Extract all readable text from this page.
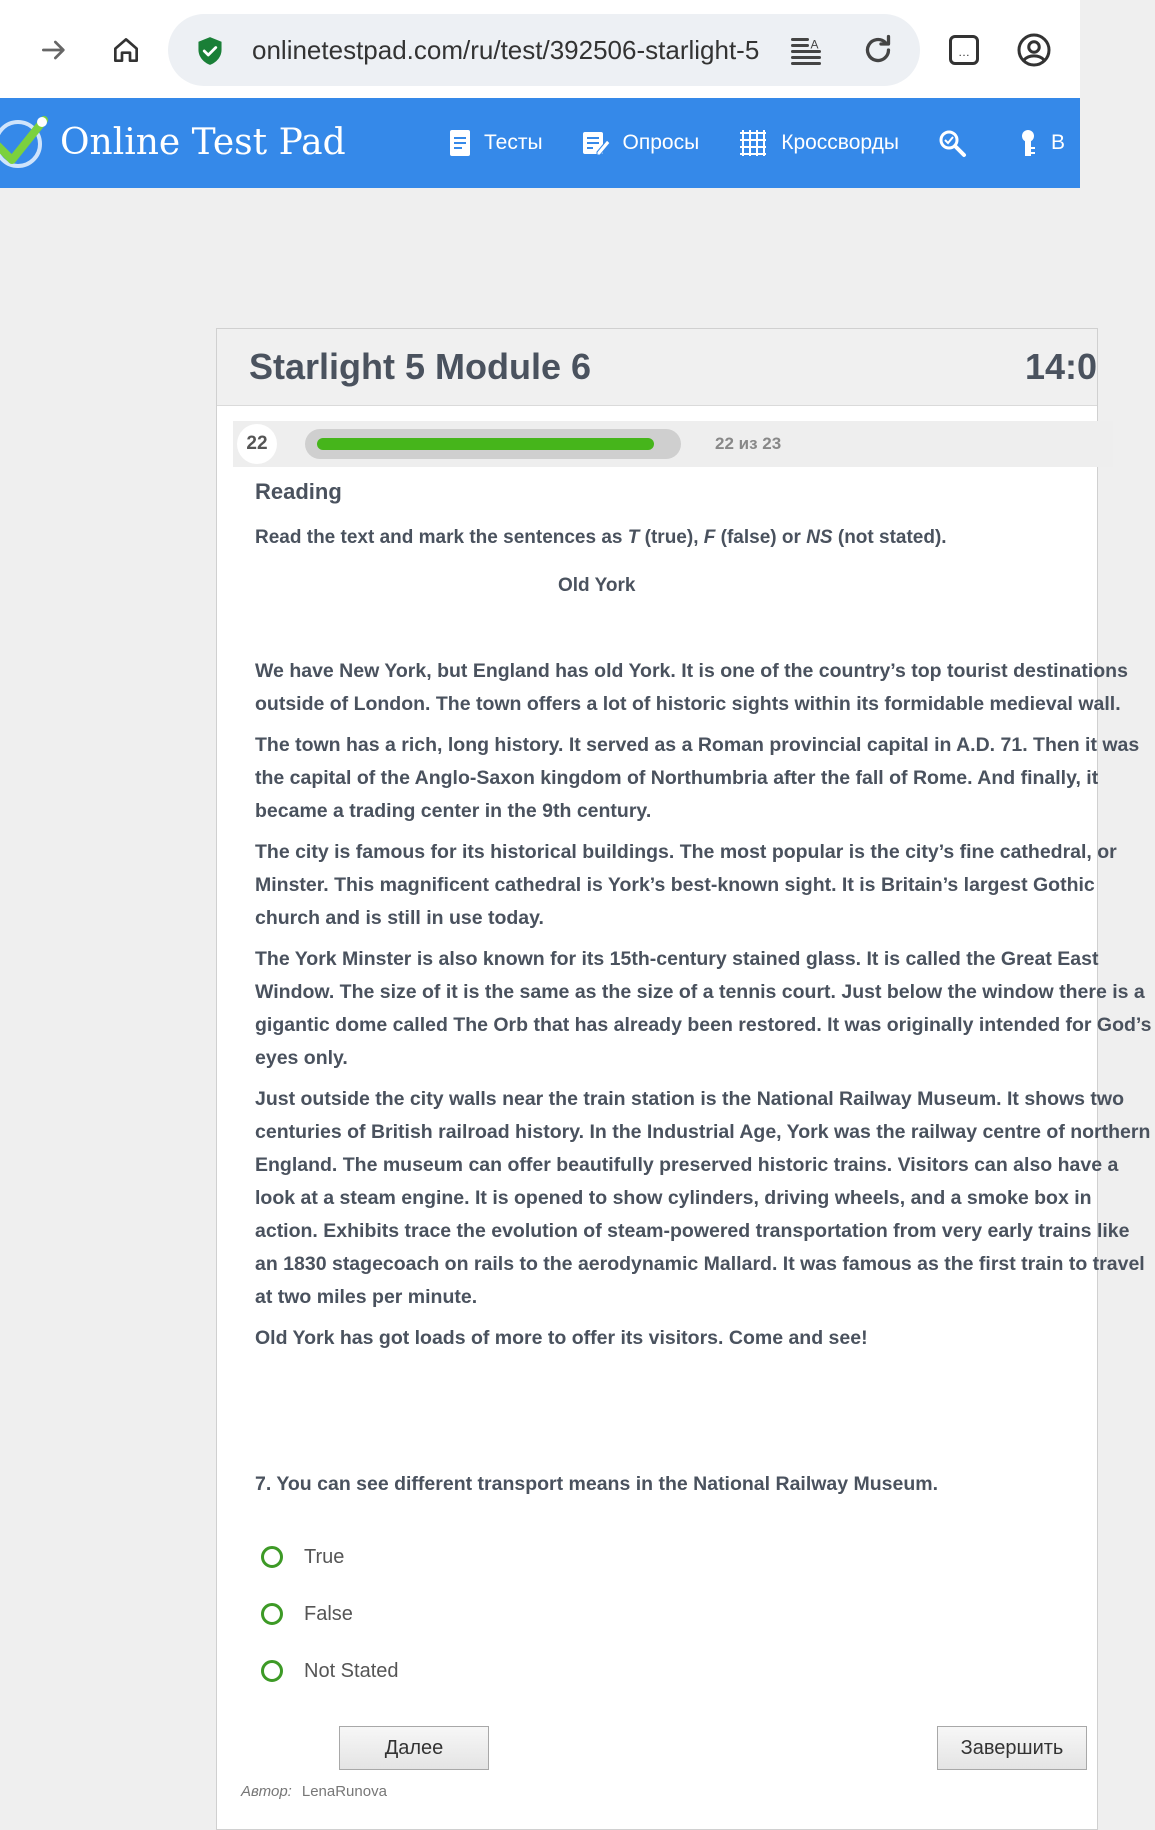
onlinetestpad.com/ru/test/392506-starlight-5	A
…
Online Test Pad	Тесты	Опросы	Кроссворды	В
Starlight 5 Module 6	14:0
22	22 из 23
Reading
Read the text and mark the sentences as T (true), F (false) or NS (not stated).
Old York

We have New York, but England has old York. It is one of the country’s top tourist destinations outside of London. The town offers a lot of historic sights within its formidable medieval wall.

The town has a rich, long history. It served as a Roman provincial capital in A.D. 71. Then it was the capital of the Anglo-Saxon kingdom of Northumbria after the fall of Rome. And finally, it became a trading center in the 9th century.

The city is famous for its historical buildings. The most popular is the city’s fine cathedral, or Minster. This magnificent cathedral is York’s best-known sight. It is Britain’s largest Gothic church and is still in use today.

The York Minster is also known for its 15th-century stained glass. It is called the Great East Window. The size of it is the same as the size of a tennis court. Just below the window there is a gigantic dome called The Orb that has already been restored. It was originally intended for God’s eyes only.

Just outside the city walls near the train station is the National Railway Museum. It shows two centuries of British railroad history. In the Industrial Age, York was the railway centre of northern England. The museum can offer beautifully preserved historic trains. Visitors can also have a look at a steam engine. It is opened to show cylinders, driving wheels, and a smoke box in action. Exhibits trace the evolution of steam-powered transportation from very early trains like an 1830 stagecoach on rails to the aerodynamic Mallard. It was famous as the first train to travel at two miles per minute.

Old York has got loads of more to offer its visitors. Come and see!

7. You can see different transport means in the National Railway Museum.
True
False
Not Stated
Далее	Завершить
Автор: LenaRunova
